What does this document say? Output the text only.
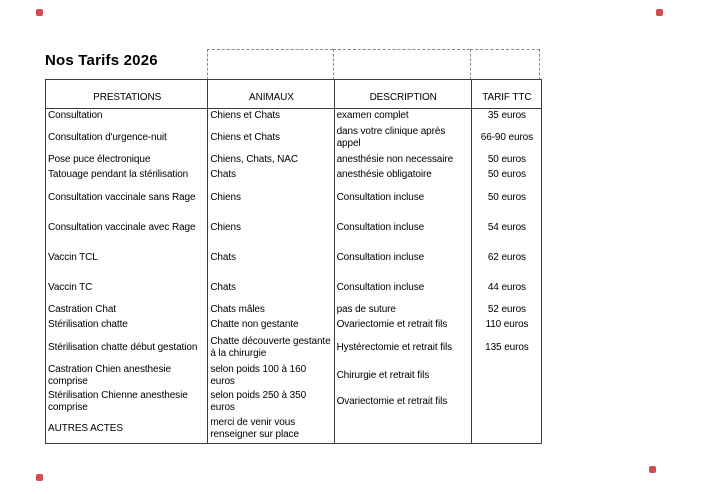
Nos Tarifs 2026
PRESTATIONS	ANIMAUX	DESCRIPTION	TARIF TTC
Consultation	Chiens et Chats	examen complet	35 euros
Consultation d'urgence-nuit	Chiens et Chats	dans votre clinique après appel	66-90 euros
Pose puce électronique	Chiens, Chats, NAC	anesthésie non necessaire	50 euros
Tatouage pendant la stérilisation	Chats	anesthésie obligatoire	50 euros
Consultation vaccinale sans Rage	Chiens	Consultation incluse	50 euros
Consultation vaccinale avec Rage	Chiens	Consultation incluse	54 euros
Vaccin TCL	Chats	Consultation incluse	62 euros
Vaccin TC	Chats	Consultation incluse	44 euros
Castration Chat	Chats mâles	pas de suture	52 euros
Stérilisation chatte	Chatte non gestante	Ovariectomie et retrait fils	110 euros
Stérilisation chatte début gestation	Chatte découverte gestante à la chirurgie	Hystérectomie et retrait fils	135 euros
Castration Chien anesthesie comprise	selon poids 100 à 160 euros	Chirurgie et retrait fils	
Stérilisation Chienne anesthesie comprise	selon poids 250 à 350 euros	Ovariectomie et retrait fils	
AUTRES ACTES	merci de venir vous renseigner sur place		
